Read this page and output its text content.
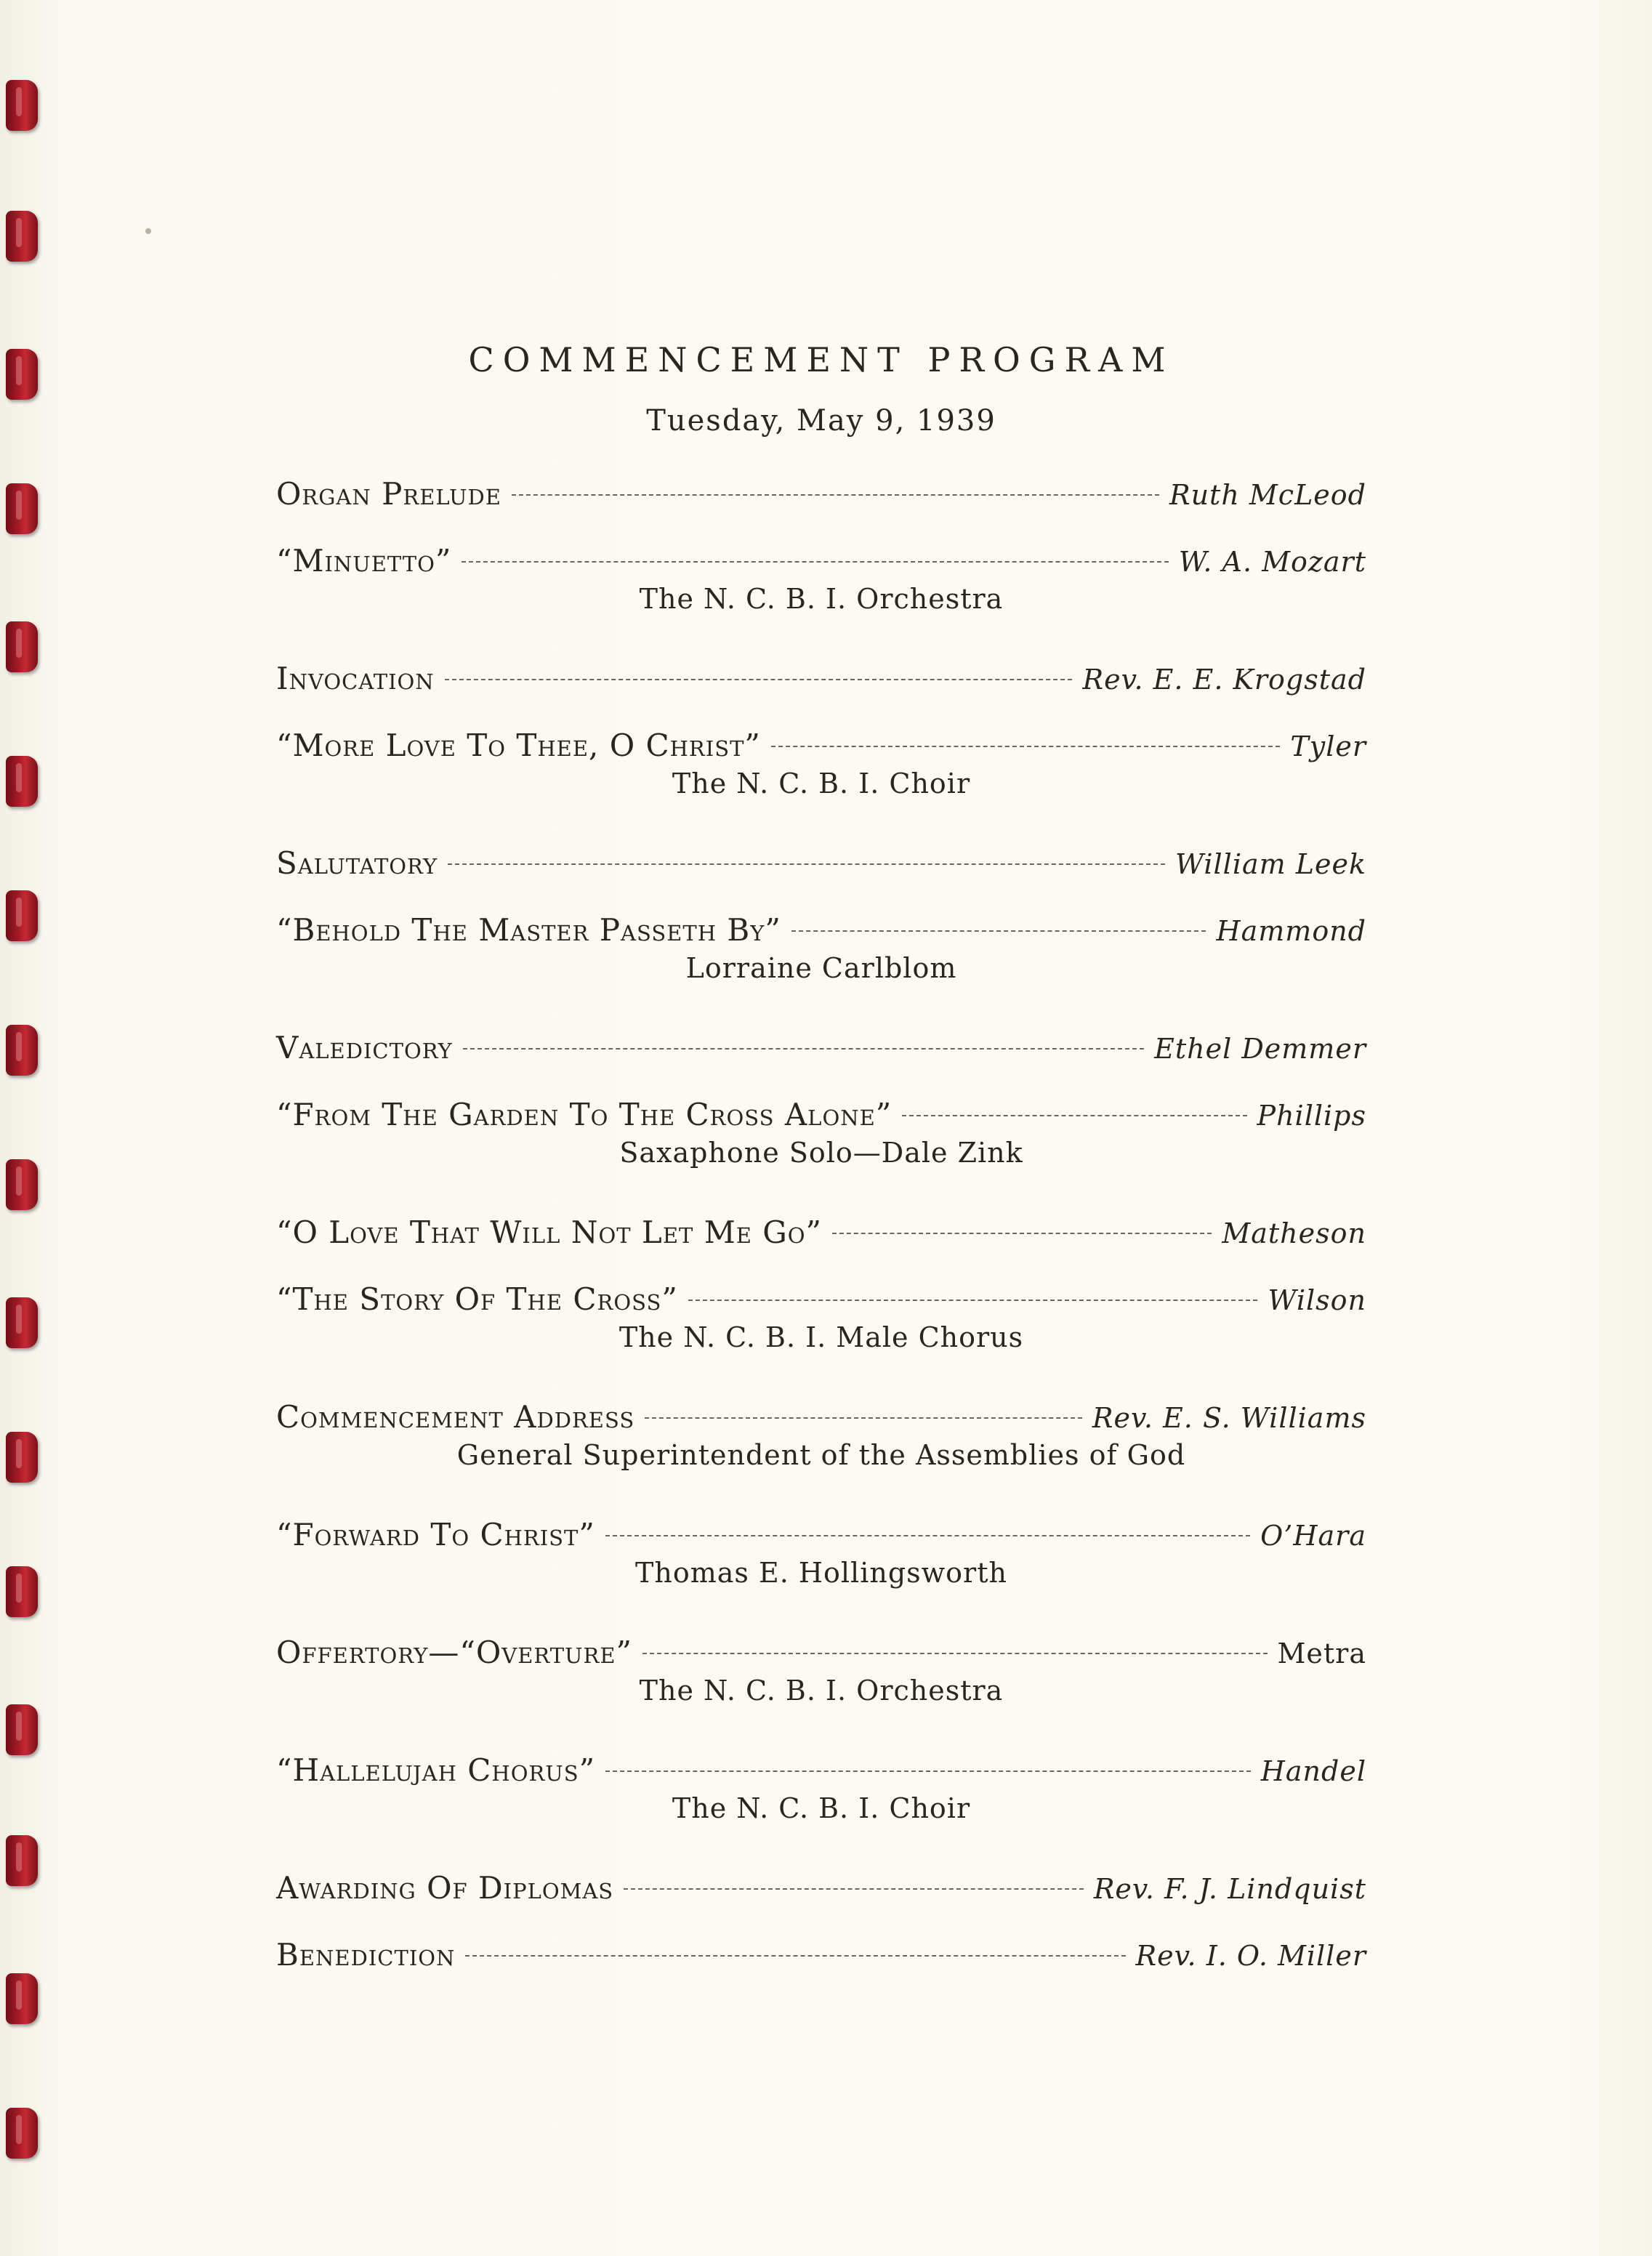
COMMENCEMENT PROGRAM
Tuesday, May 9, 1939
Organ Prelude	Ruth McLeod
“Minuetto”	W. A. Mozart
The N. C. B. I. Orchestra
Invocation	Rev. E. E. Krogstad
“More Love To Thee, O Christ”	Tyler
The N. C. B. I. Choir
Salutatory	William Leek
“Behold The Master Passeth By”	Hammond
Lorraine Carlblom
Valedictory	Ethel Demmer
“From The Garden To The Cross Alone”	Phillips
Saxaphone Solo—Dale Zink
“O Love That Will Not Let Me Go”	Matheson
“The Story Of The Cross”	Wilson
The N. C. B. I. Male Chorus
Commencement Address	Rev. E. S. Williams
General Superintendent of the Assemblies of God
“Forward To Christ”	O’Hara
Thomas E. Hollingsworth
Offertory—“Overture”	Metra
The N. C. B. I. Orchestra
“Hallelujah Chorus”	Handel
The N. C. B. I. Choir
Awarding Of Diplomas	Rev. F. J. Lindquist
Benediction	Rev. I. O. Miller
